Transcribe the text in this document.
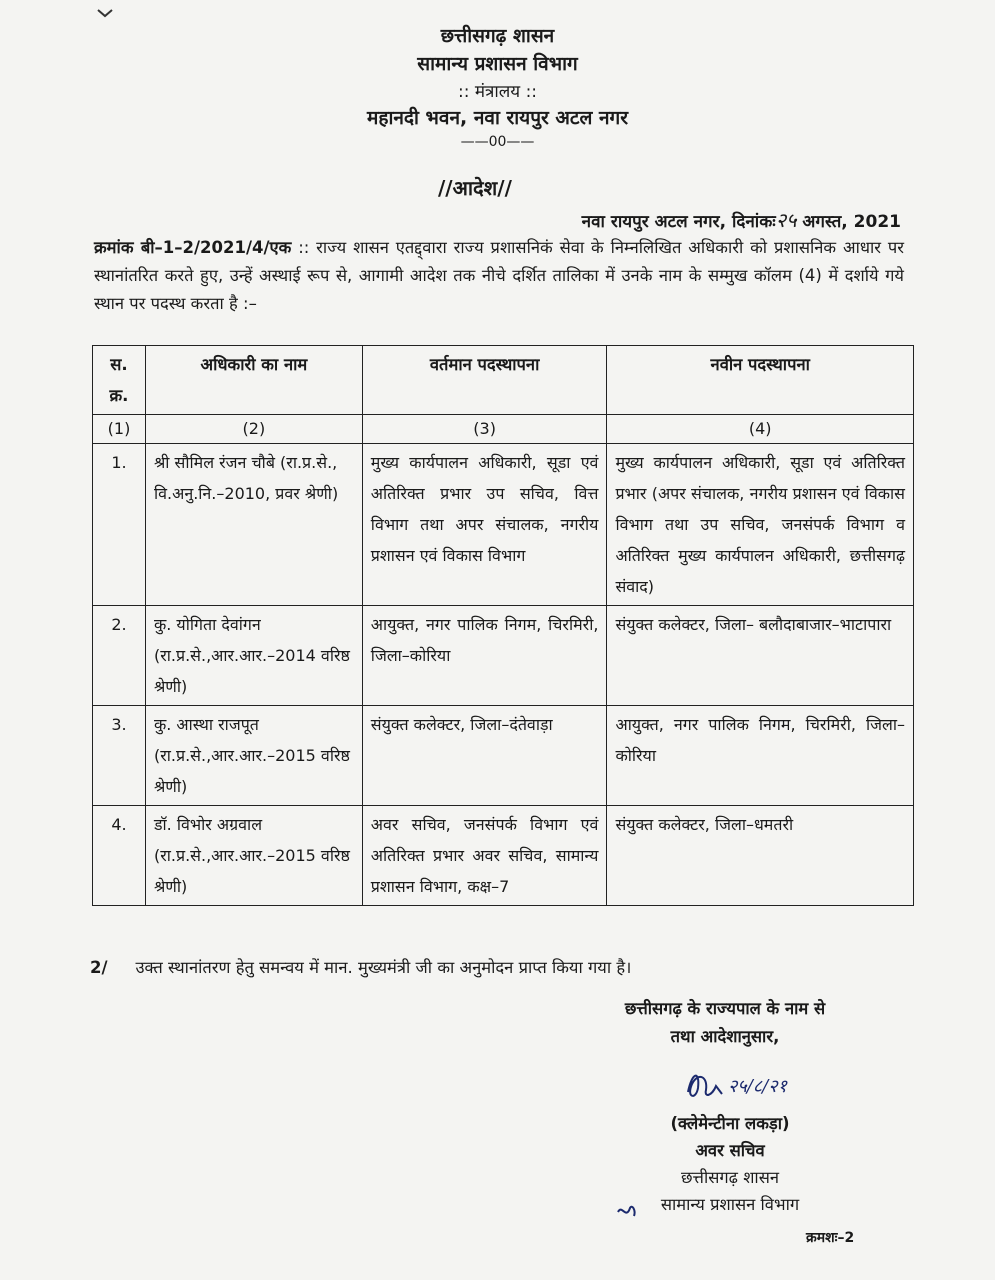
छत्तीसगढ़ शासन
सामान्य प्रशासन विभाग
:: मंत्रालय ::
महानदी भवन, नवा रायपुर अटल नगर
——00——
//आदेश//
नवा रायपुर अटल नगर, दिनांकः२५ अगस्त, 2021
क्रमांक बी–1–2/2021/4/एक :: राज्य शासन एतद्द्वारा राज्य प्रशासनिकं सेवा के निम्नलिखित अधिकारी को प्रशासनिक आधार पर स्थानांतरित करते हुए, उन्हें अस्थाई रूप से, आगामी आदेश तक नीचे दर्शित तालिका में उनके नाम के सम्मुख कॉलम (4) में दर्शाये गये स्थान पर पदस्थ करता है :–
स. क्र.	अधिकारी का नाम	वर्तमान पदस्थापना	नवीन पदस्थापना
(1)	(2)	(3)	(4)
1.	श्री सौमिल रंजन चौबे (रा.प्र.से., वि.अनु.नि.–2010, प्रवर श्रेणी)	मुख्य कार्यपालन अधिकारी, सूडा एवं अतिरिक्त प्रभार उप सचिव, वित्त विभाग तथा अपर संचालक, नगरीय प्रशासन एवं विकास विभाग	मुख्य कार्यपालन अधिकारी, सूडा एवं अतिरिक्त प्रभार (अपर संचालक, नगरीय प्रशासन एवं विकास विभाग तथा उप सचिव, जनसंपर्क विभाग व अतिरिक्त मुख्य कार्यपालन अधिकारी, छत्तीसगढ़ संवाद)
2.	कु. योगिता देवांगन (रा.प्र.से.,आर.आर.–2014 वरिष्ठ श्रेणी)	आयुक्त, नगर पालिक निगम, चिरमिरी, जिला–कोरिया	संयुक्त कलेक्टर, जिला– बलौदाबाजार–भाटापारा
3.	कु. आस्था राजपूत (रा.प्र.से.,आर.आर.–2015 वरिष्ठ श्रेणी)	संयुक्त कलेक्टर, जिला–दंतेवाड़ा	आयुक्त, नगर पालिक निगम, चिरमिरी, जिला–कोरिया
4.	डॉ. विभोर अग्रवाल (रा.प्र.से.,आर.आर.–2015 वरिष्ठ श्रेणी)	अवर सचिव, जनसंपर्क विभाग एवं अतिरिक्त प्रभार अवर सचिव, सामान्य प्रशासन विभाग, कक्ष–7	संयुक्त कलेक्टर, जिला–धमतरी
2/ उक्त स्थानांतरण हेतु समन्वय में मान. मुख्यमंत्री जी का अनुमोदन प्राप्त किया गया है।
छत्तीसगढ़ के राज्यपाल के नाम से
तथा आदेशानुसार,
२५/८/२१
(क्लेमेन्टीना लकड़ा)
अवर सचिव
छत्तीसगढ़ शासन
सामान्य प्रशासन विभाग
क्रमशः–2
